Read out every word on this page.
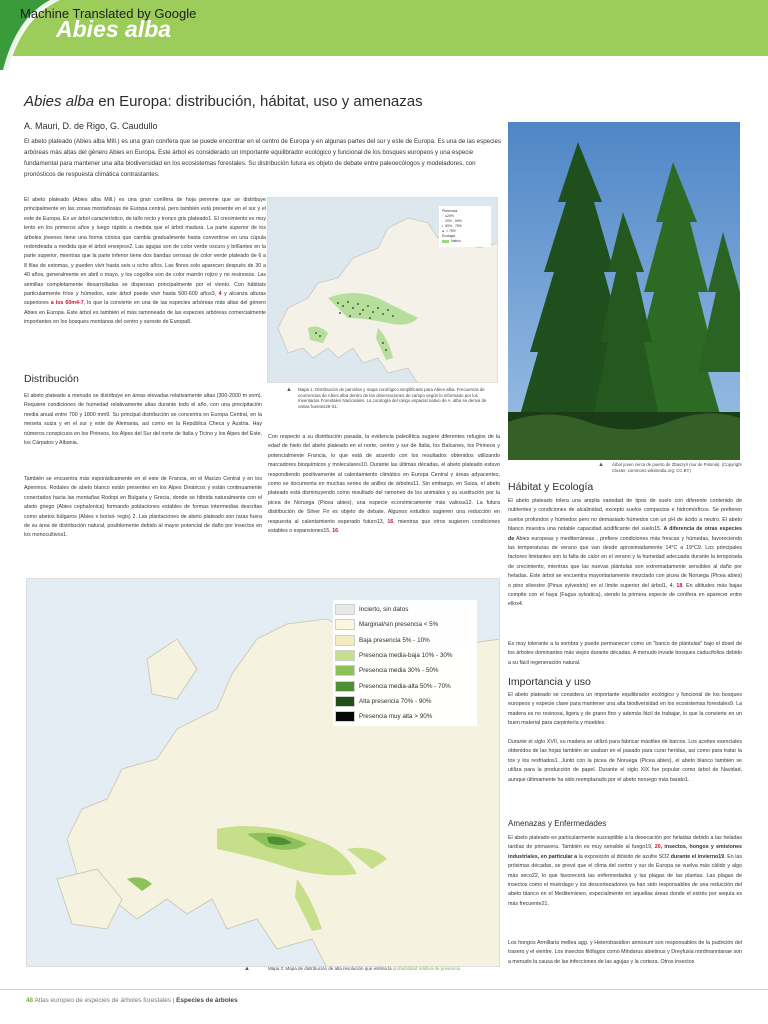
Abies alba
Machine Translated by Google
Abies alba en Europa: distribución, hábitat, uso y amenazas
A. Mauri, D. de Rigo, G. Caudullo
El abeto plateado (Abies alba Mill.) es una gran conífera que se puede encontrar en el centro de Europa y en algunas partes del sur y este de Europa. Es una de las especies arbóreas más altas del género Abies en Europa. Este árbol es considerado un importante equilibrador ecológico y funcional de los bosques europeos y una especie fundamental para mantener una alta biodiversidad en los ecosistemas forestales. Su distribución futura es objeto de debate entre paleoecólogos y modeladores, con pronósticos de respuesta climática contrastantes.
▲ Árbol joven cerca de puerto de Zbaszyń (sur de Polonia). (Copyright Cluster, commons.wikimedia.org: CC BY)
El abeto plateado (Abies alba Mill.) es una gran conífera de hoja perenne que se distribuye principalmente en las zonas montañosas de Europa central, pero también está presente en el sur y el este de Europa. Es un árbol característico, de tallo recto y tronco gris plateado1. El crecimiento es muy lento en los primeros años y luego rápido a medida que el árbol madura. La parte superior de los árboles jóvenes tiene una forma cónica que cambia gradualmente hasta convertirse en una cúpula redondeada a medida que el árbol envejece2. Las agujas son de color verde oscuro y brillantes en la parte superior, mientras que la parte inferior tiene dos bandas cerosas de color verde plateado de 6 a 8 filas de estomas, y pueden vivir hasta seis u ocho años. Las flores solo aparecen después de 30 a 40 años, generalmente en abril o mayo, y los cogollos son de color marrón rojizo y no resinosos. Las semillas completamente desarrolladas se dispersan principalmente por el viento. Con hábitats particularmente fríos y húmedos, este árbol puede vivir hasta 500-600 años3, 4 y alcanza alturas superiores a los 60m4-7, lo que la convierte en una de las especies arbóreas más altas del género Abies en Europa. Este árbol es también el más ramoneado de las especies arbóreas comercialmente importantes en los bosques montanos del centro y sureste de Europa8.
Presencia
· ≤20%
· 20% - 50%
• 50% - 75%
● > 75%
Ecología
Nativo
▲ Mapa 1: Distribución de parcelas y mapa corológico simplificado para Abies alba. Frecuencia de ocurrencias de Abies alba dentro de las observaciones de campo según lo informado por los Inventarios Forestales Nacionales. La corología del rango espacial nativo de A. alba se deriva de varias fuentes29-31.
Distribución
El abeto plateado a menudo se distribuye en áreas elevadas relativamente altas (300-2000 m snm). Requiere condiciones de humedad relativamente altas durante todo el año, con una precipitación media anual entre 700 y 1800 mm9. Su principal distribución se concentra en Europa Central, en la meseta suiza y en el sur y este de Alemania, así como en la República Checa y Austria. Hay números conspicuos en los Pirineos, los Alpes del Sur del norte de Italia y Ticino y los Alpes del Este, los Cárpatos y Albania.
También se encuentra más esporádicamente en el este de Francia, en el Macizo Central y en los Apeninos. Rodales de abeto blanco están presentes en los Alpes Dináricos y están continuamente conectados hacia las montañas Rodopi en Bulgaria y Grecia, donde se hibrida naturalmente con el abeto griego (Abies cephalonica) formando poblaciones estables de formas intermedias descritas como abetos búlgaros (Abies x borisii- regis) 2. Las plantaciones de abeto plateado son raras fuera de su área de distribución natural, posiblemente debido al mayor potencial de daño por insectos en los monocultivos1.
Con respecto a su distribución pasada, la evidencia paleolítica sugiere diferentes refugios de la edad de hielo del abeto plateado en el norte, centro y sur de Italia, los Balcanes, los Pirineos y potencialmente Francia, lo que está de acuerdo con los resultados obtenidos utilizando marcadores bioquímicos y moleculares10. Durante las últimas décadas, el abeto plateado estuvo respondiendo positivamente al calentamiento climático en Europa Central y áreas adyacentes, como se documenta en muchas series de anillos de árboles11. Sin embargo, en Suiza, el abeto plateado está disminuyendo como resultado del ramoneo de los animales y su sustitución por la picea de Noruega (Picea abies), una especie económicamente más valiosa12. La futura distribución de Silver Fir es objeto de debate. Algunos estudios sugieren una reducción en respuesta al calentamiento esperado futuro13, 16, mientras que otros sugieren condiciones estables o expansiones15, 16.
Hábitat y Ecología
El abeto plateado tolera una amplia variedad de tipos de suelo con diferente contenido de nutrientes y condiciones de alcalinidad, excepto suelos compactos e hidromórficos. Se prefieren suelos profundos y húmedos pero no demasiado húmedos con un pH de ácido a neutro. El abeto blanco muestra una notable capacidad acidificante del suelo15. A diferencia de otras especies de Abies europeas y mediterráneas , prefiere condiciones más frescas y húmedas, favoreciendo las temperaturas de verano que van desde aproximadamente 14°C a 19°C9. Los principales factores limitantes son la falta de calor en el verano y la humedad adecuada durante la temporada de crecimiento, mientras que las nuevas plántulas son extremadamente sensibles al daño por heladas. Este árbol se encuentra mayoritariamente mezclado con picea de Noruega (Picea abies) o pino silvestre (Pinus sylvestris) en el límite superior del árbol1, 4, 18. En altitudes más bajas compite con el haya (Fagus sylvatica), siendo la primera especie de conífera en aparecer entre ellos4.
Es muy tolerante a la sombra y puede permanecer como un "banco de plántulas" bajo el dosel de los árboles dominantes más viejos durante décadas. A menudo invade bosques caducifolios debido a su fácil regeneración natural.
Importancia y uso
El abeto plateado se considera un importante equilibrador ecológico y funcional de los bosques europeos y especie clave para mantener una alta biodiversidad en los ecosistemas forestales9. La madera es no resinosa, ligera y de grano fino y además fácil de trabajar, lo que la convierte en un buen material para carpintería y muebles.
Durante el siglo XVII, su madera se utilizó para fabricar mástiles de barcos. Los aceites esenciales obtenidos de las hojas también se usaban en el pasado para curar heridas, así como para tratar la tos y los resfriados1. Junto con la picea de Noruega (Picea abies), el abeto blanco también se utiliza para la producción de papel. Durante el siglo XIX fue popular como árbol de Navidad, aunque últimamente ha sido reemplazado por el abeto noruego más barato1.
Amenazas y Enfermedades
El abeto plateado es particularmente susceptible a la desecación por heladas debido a las heladas tardías de primavera. También es muy sensible al fuego19, 20, insectos, hongos y emisiones industriales, en particular a la exposición al dióxido de azufre SO2 durante el invierno19. En las próximas décadas, se prevé que el clima del centro y sur de Europa se vuelva más cálido y algo más seco22, lo que favorecerá las enfermedades y las plagas de las plantas. Las plagas de insectos como el muérdago y los descortezadores ya han sido responsables de una reducción del abeto blanco en el Mediterráneo, especialmente en aquellas áreas donde el estrés por sequía es más frecuente21.
Los hongos Armillaria mellea agg. y Heterobasidion annosum son responsables de la pudrición del trasero y el vientre. Los insectos filófagos como Mindarus abietinus y Dreyfusia nordmannianae son a menudo la causa de las infecciones de las agujas y la corteza. Otros insectos
Incierto, sin datos
Marginal/sin presencia < 5%
Baja presencia 5% - 10%
Presencia media-baja 10% - 30%
Presencia media 30% - 50%
Presencia media-alta 50% - 70%
Alta presencia 70% - 90%
Presencia muy alta > 90%
▲	Mapa 2: Mapa de distribución de alta resolución que estima la probabilidad relativa de presencia
48 Atlas europeo de especies de árboles forestales | Especies de árboles
